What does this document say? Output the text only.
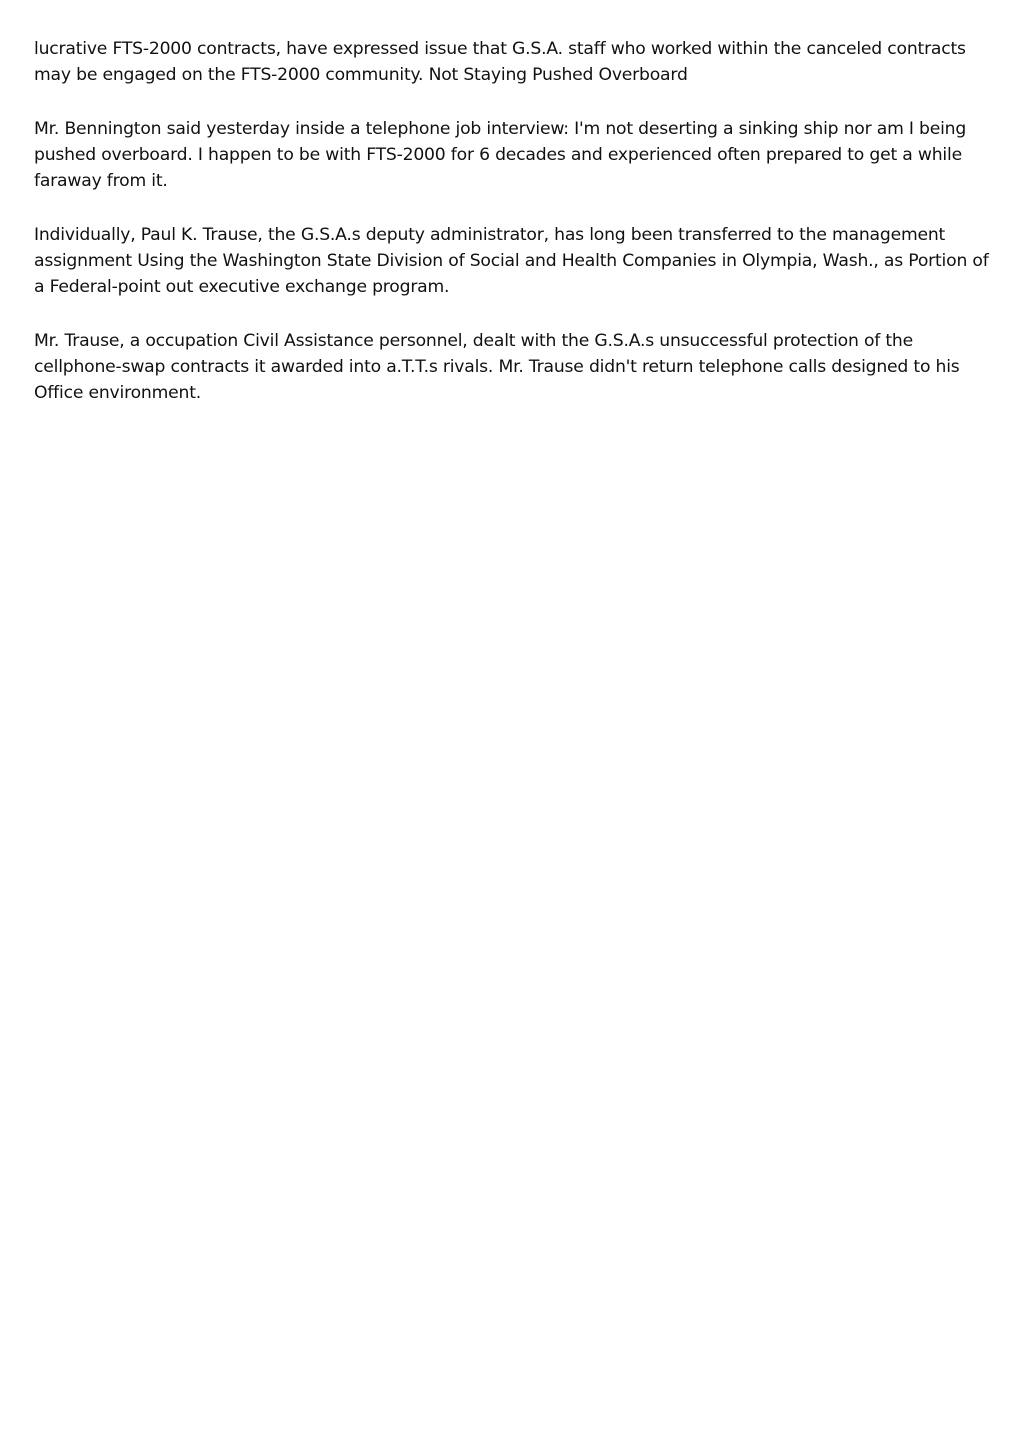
lucrative FTS-2000 contracts, have expressed issue that G.S.A. staff who worked within the canceled contracts may be engaged on the FTS-2000 community. Not Staying Pushed Overboard

Mr. Bennington said yesterday inside a telephone job interview: I'm not deserting a sinking ship nor am I being pushed overboard. I happen to be with FTS-2000 for 6 decades and experienced often prepared to get a while faraway from it.

Individually, Paul K. Trause, the G.S.A.s deputy administrator, has long been transferred to the management assignment Using the Washington State Division of Social and Health Companies in Olympia, Wash., as Portion of a Federal-point out executive exchange program.

Mr. Trause, a occupation Civil Assistance personnel, dealt with the G.S.A.s unsuccessful protection of the cellphone-swap contracts it awarded into a.T.T.s rivals. Mr. Trause didn't return telephone calls designed to his Office environment.
